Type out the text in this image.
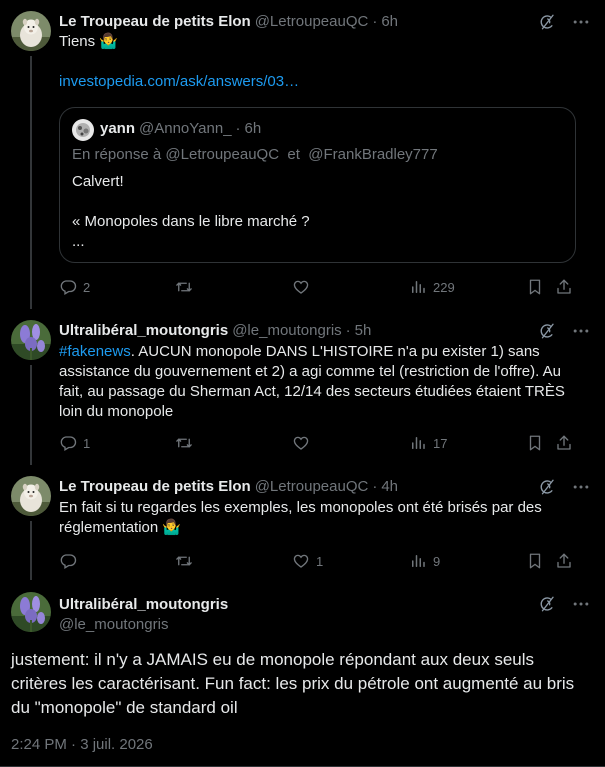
Le Troupeau de petits Elon @LetroupeauQC · 6h
Tiens 🤷‍♂️
investopedia.com/ask/answers/03…
yann @AnnoYann_ · 6h
En réponse à @LetroupeauQC et @FrankBradley777
Calvert!
« Monopoles dans le libre marché ?
...
2	229
Ultralibéral_moutongris @le_moutongris · 5h
#fakenews. AUCUN monopole DANS L'HISTOIRE n'a pu exister 1) sans assistance du gouvernement et 2) a agi comme tel (restriction de l'offre). Au fait, au passage du Sherman Act, 12/14 des secteurs étudiées étaient TRÈS loin du monopole
1	17
Le Troupeau de petits Elon @LetroupeauQC · 4h
En fait si tu regardes les exemples, les monopoles ont été brisés par des réglementation 🤷‍♂️
1	9
Ultralibéral_moutongris
@le_moutongris
justement: il n'y a JAMAIS eu de monopole répondant aux deux seuls critères les caractérisant. Fun fact: les prix du pétrole ont augmenté au bris du "monopole" de standard oil
2:24 PM · 3 juil. 2026
